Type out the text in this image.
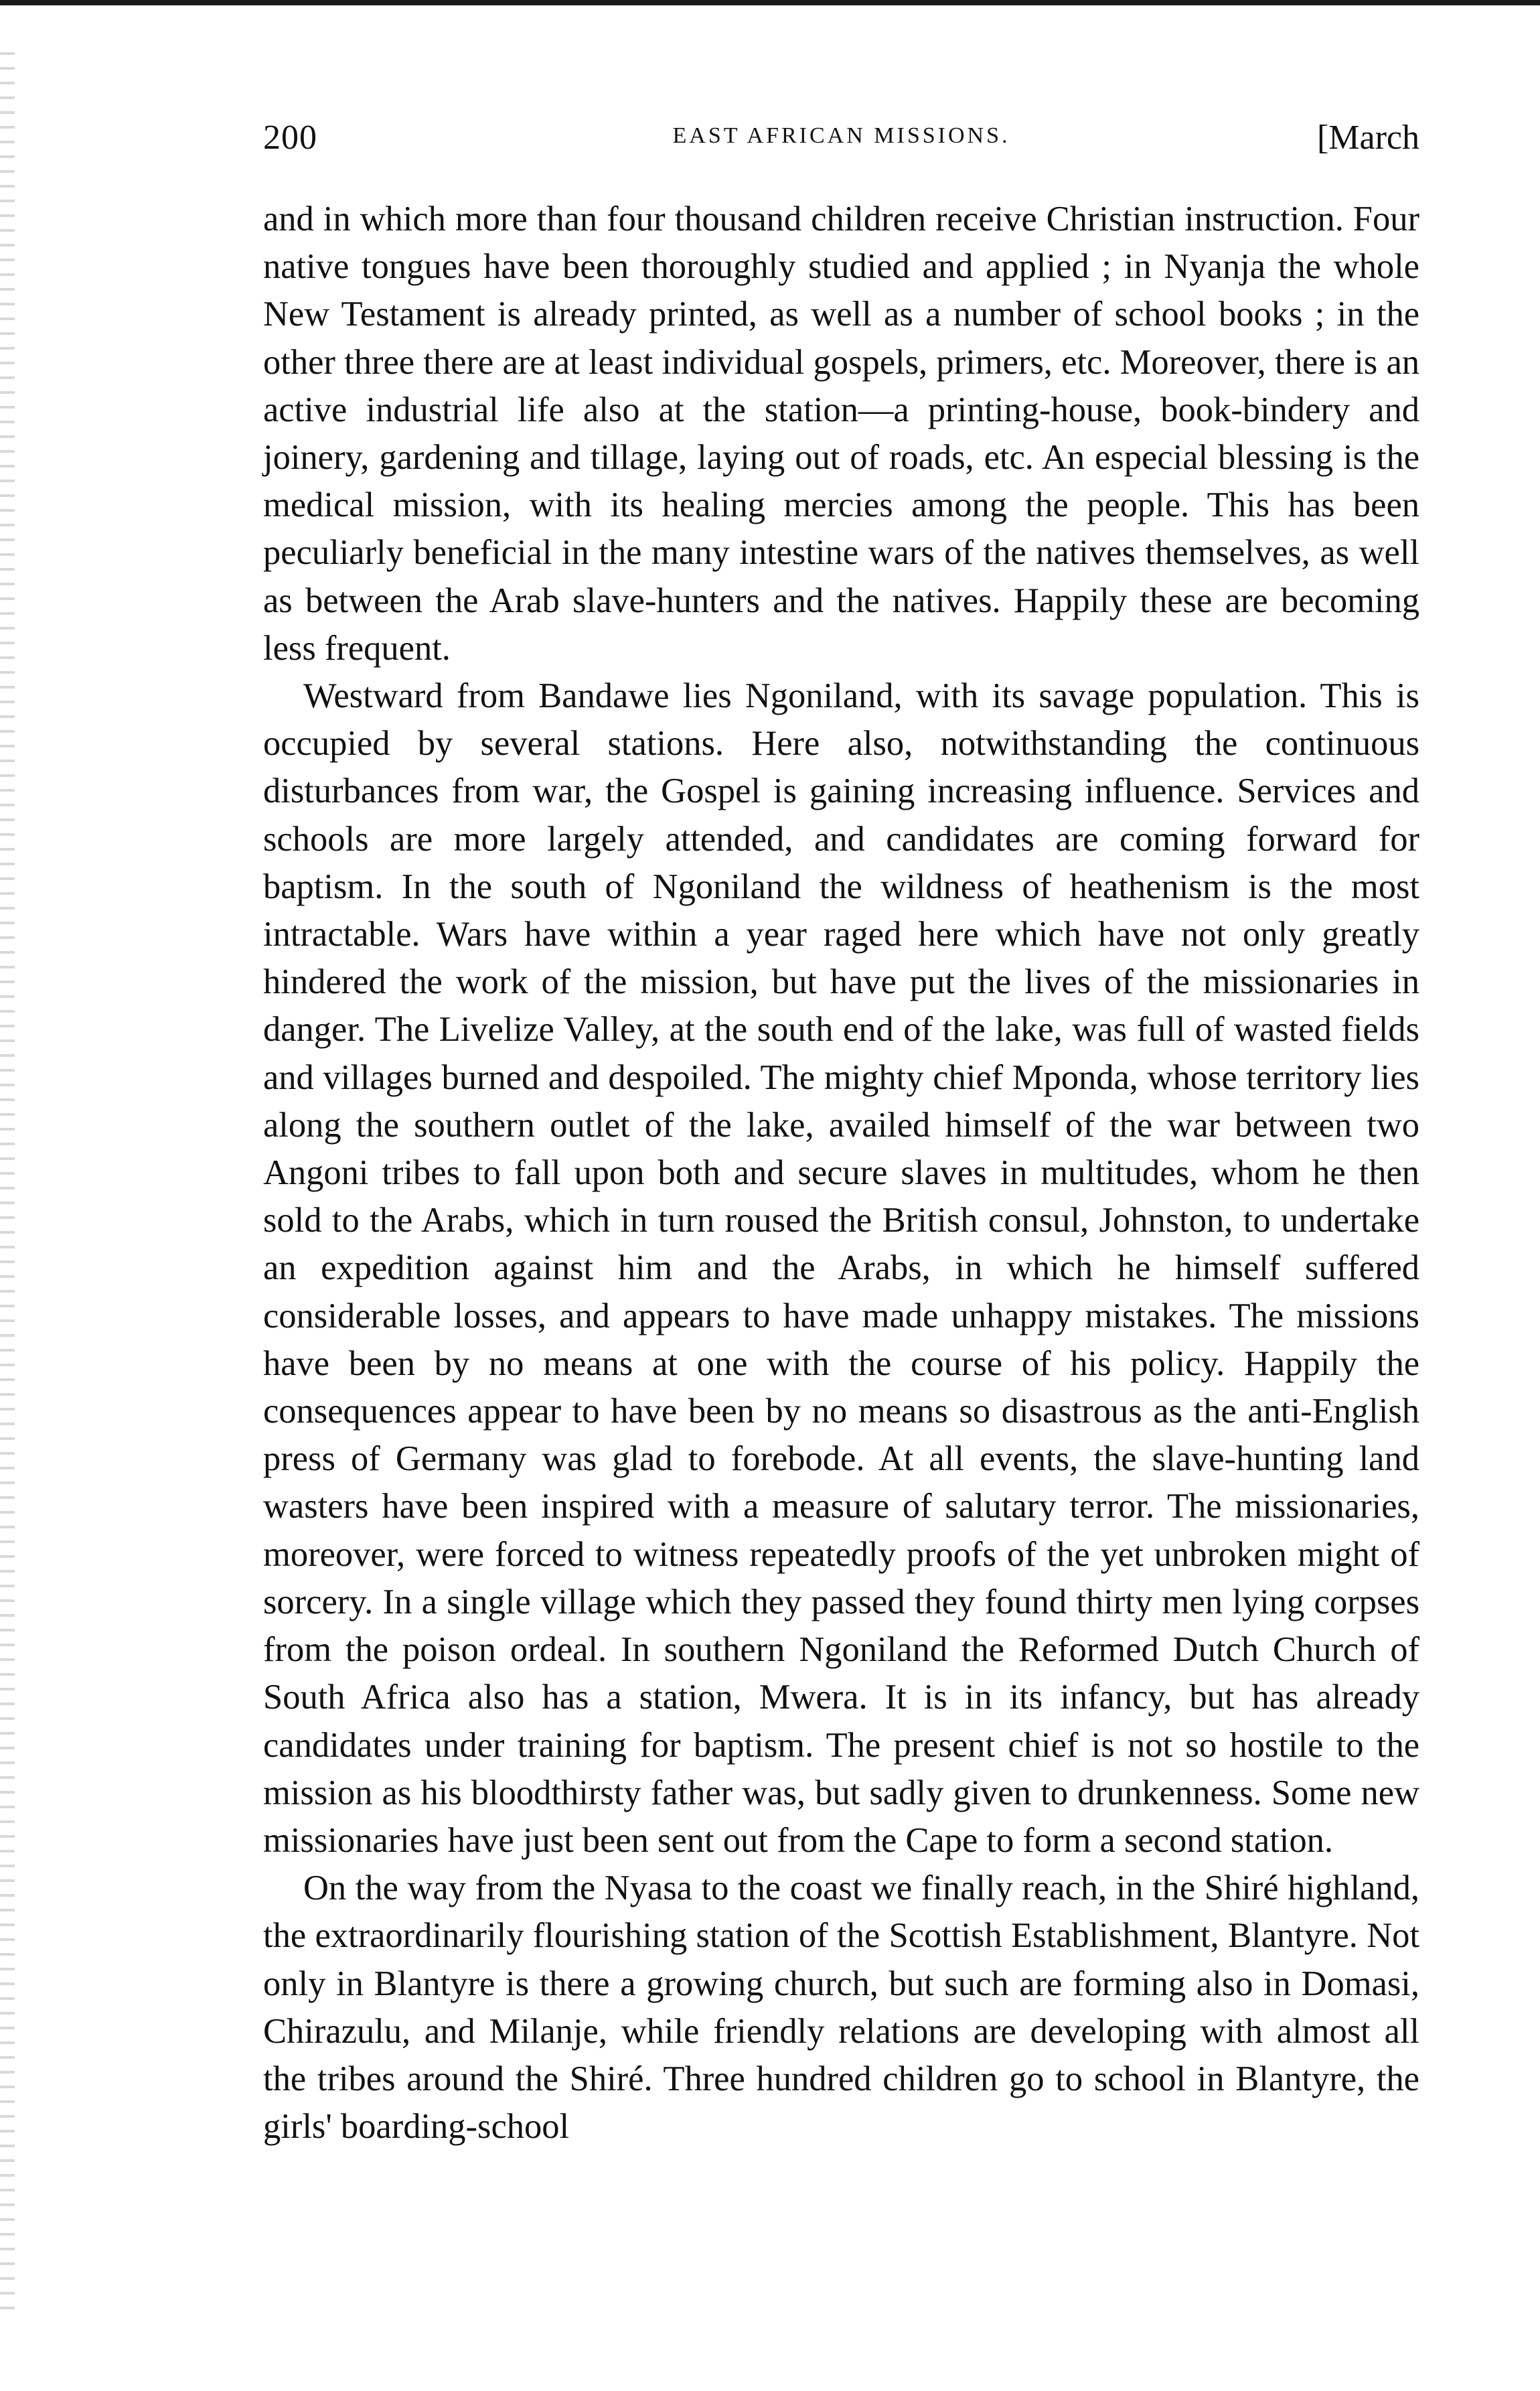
200	EAST AFRICAN MISSIONS.	[March

and in which more than four thousand children receive Christian instruction. Four native tongues have been thoroughly studied and applied ; in Nyanja the whole New Testament is already printed, as well as a number of school books ; in the other three there are at least individual gospels, primers, etc. Moreover, there is an active industrial life also at the station—a printing-house, book-bindery and joinery, gardening and tillage, laying out of roads, etc. An especial blessing is the medical mission, with its healing mercies among the people. This has been peculiarly beneficial in the many intestine wars of the natives themselves, as well as between the Arab slave-hunters and the natives. Happily these are becoming less frequent.

Westward from Bandawe lies Ngoniland, with its savage population. This is occupied by several stations. Here also, notwithstanding the continuous disturbances from war, the Gospel is gaining increasing influence. Services and schools are more largely attended, and candidates are coming forward for baptism. In the south of Ngoniland the wildness of heathenism is the most intractable. Wars have within a year raged here which have not only greatly hindered the work of the mission, but have put the lives of the missionaries in danger. The Livelize Valley, at the south end of the lake, was full of wasted fields and villages burned and despoiled. The mighty chief Mponda, whose territory lies along the southern outlet of the lake, availed himself of the war between two Angoni tribes to fall upon both and secure slaves in multitudes, whom he then sold to the Arabs, which in turn roused the British consul, Johnston, to undertake an expedition against him and the Arabs, in which he himself suffered considerable losses, and appears to have made unhappy mistakes. The missions have been by no means at one with the course of his policy. Happily the consequences appear to have been by no means so disastrous as the anti-English press of Germany was glad to forebode. At all events, the slave-hunting land wasters have been inspired with a measure of salutary terror. The missionaries, moreover, were forced to witness repeatedly proofs of the yet unbroken might of sorcery. In a single village which they passed they found thirty men lying corpses from the poison ordeal. In southern Ngoniland the Reformed Dutch Church of South Africa also has a station, Mwera. It is in its infancy, but has already candidates under training for baptism. The present chief is not so hostile to the mission as his bloodthirsty father was, but sadly given to drunkenness. Some new missionaries have just been sent out from the Cape to form a second station.

On the way from the Nyasa to the coast we finally reach, in the Shiré highland, the extraordinarily flourishing station of the Scottish Establishment, Blantyre. Not only in Blantyre is there a growing church, but such are forming also in Domasi, Chirazulu, and Milanje, while friendly relations are developing with almost all the tribes around the Shiré. Three hundred children go to school in Blantyre, the girls' boarding-school
